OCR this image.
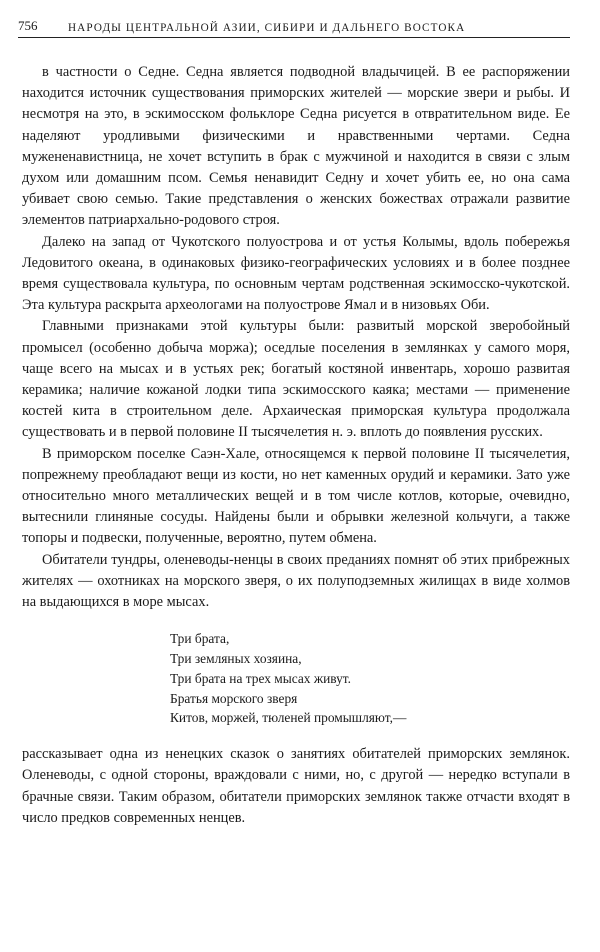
756	НАРОДЫ ЦЕНТРАЛЬНОЙ АЗИИ, СИБИРИ И ДАЛЬНЕГО ВОСТОКА

в частности о Седне. Седна является подводной владычицей. В ее распоряжении находится источник существования приморских жителей — морские звери и рыбы. И несмотря на это, в эскимосском фольклоре Седна рисуется в отвратительном виде. Ее наделяют уродливыми физическими и нравственными чертами. Седна мужененавистница, не хочет вступить в брак с мужчиной и находится в связи с злым духом или домашним псом. Семья ненавидит Седну и хочет убить ее, но она сама убивает свою семью. Такие представления о женских божествах отражали развитие элементов патриархально-родового строя.

Далеко на запад от Чукотского полуострова и от устья Колымы, вдоль побережья Ледовитого океана, в одинаковых физико-географических условиях и в более позднее время существовала культура, по основным чертам родственная эскимосско-чукотской. Эта культура раскрыта археологами на полуострове Ямал и в низовьях Оби.

Главными признаками этой культуры были: развитый морской зверобойный промысел (особенно добыча моржа); оседлые поселения в землянках у самого моря, чаще всего на мысах и в устьях рек; богатый костяной инвентарь, хорошо развитая керамика; наличие кожаной лодки типа эскимосского каяка; местами — применение костей кита в строительном деле. Архаическая приморская культура продолжала существовать и в первой половине II тысячелетия н. э. вплоть до появления русских.

В приморском поселке Саэн-Хале, относящемся к первой половине II тысячелетия, попрежнему преобладают вещи из кости, но нет каменных орудий и керамики. Зато уже относительно много металлических вещей и в том числе котлов, которые, очевидно, вытеснили глиняные сосуды. Найдены были и обрывки железной кольчуги, а также топоры и подвески, полученные, вероятно, путем обмена.

Обитатели тундры, оленеводы-ненцы в своих преданиях помнят об этих прибрежных жителях — охотниках на морского зверя, о их полуподземных жилищах в виде холмов на выдающихся в море мысах.

Три брата,
Три земляных хозяина,
Три брата на трех мысах живут.
Братья морского зверя
Китов, моржей, тюленей промышляют,—

рассказывает одна из ненецких сказок о занятиях обитателей приморских землянок. Оленеводы, с одной стороны, враждовали с ними, но, с другой — нередко вступали в брачные связи. Таким образом, обитатели приморских землянок также отчасти входят в число предков современных ненцев.
